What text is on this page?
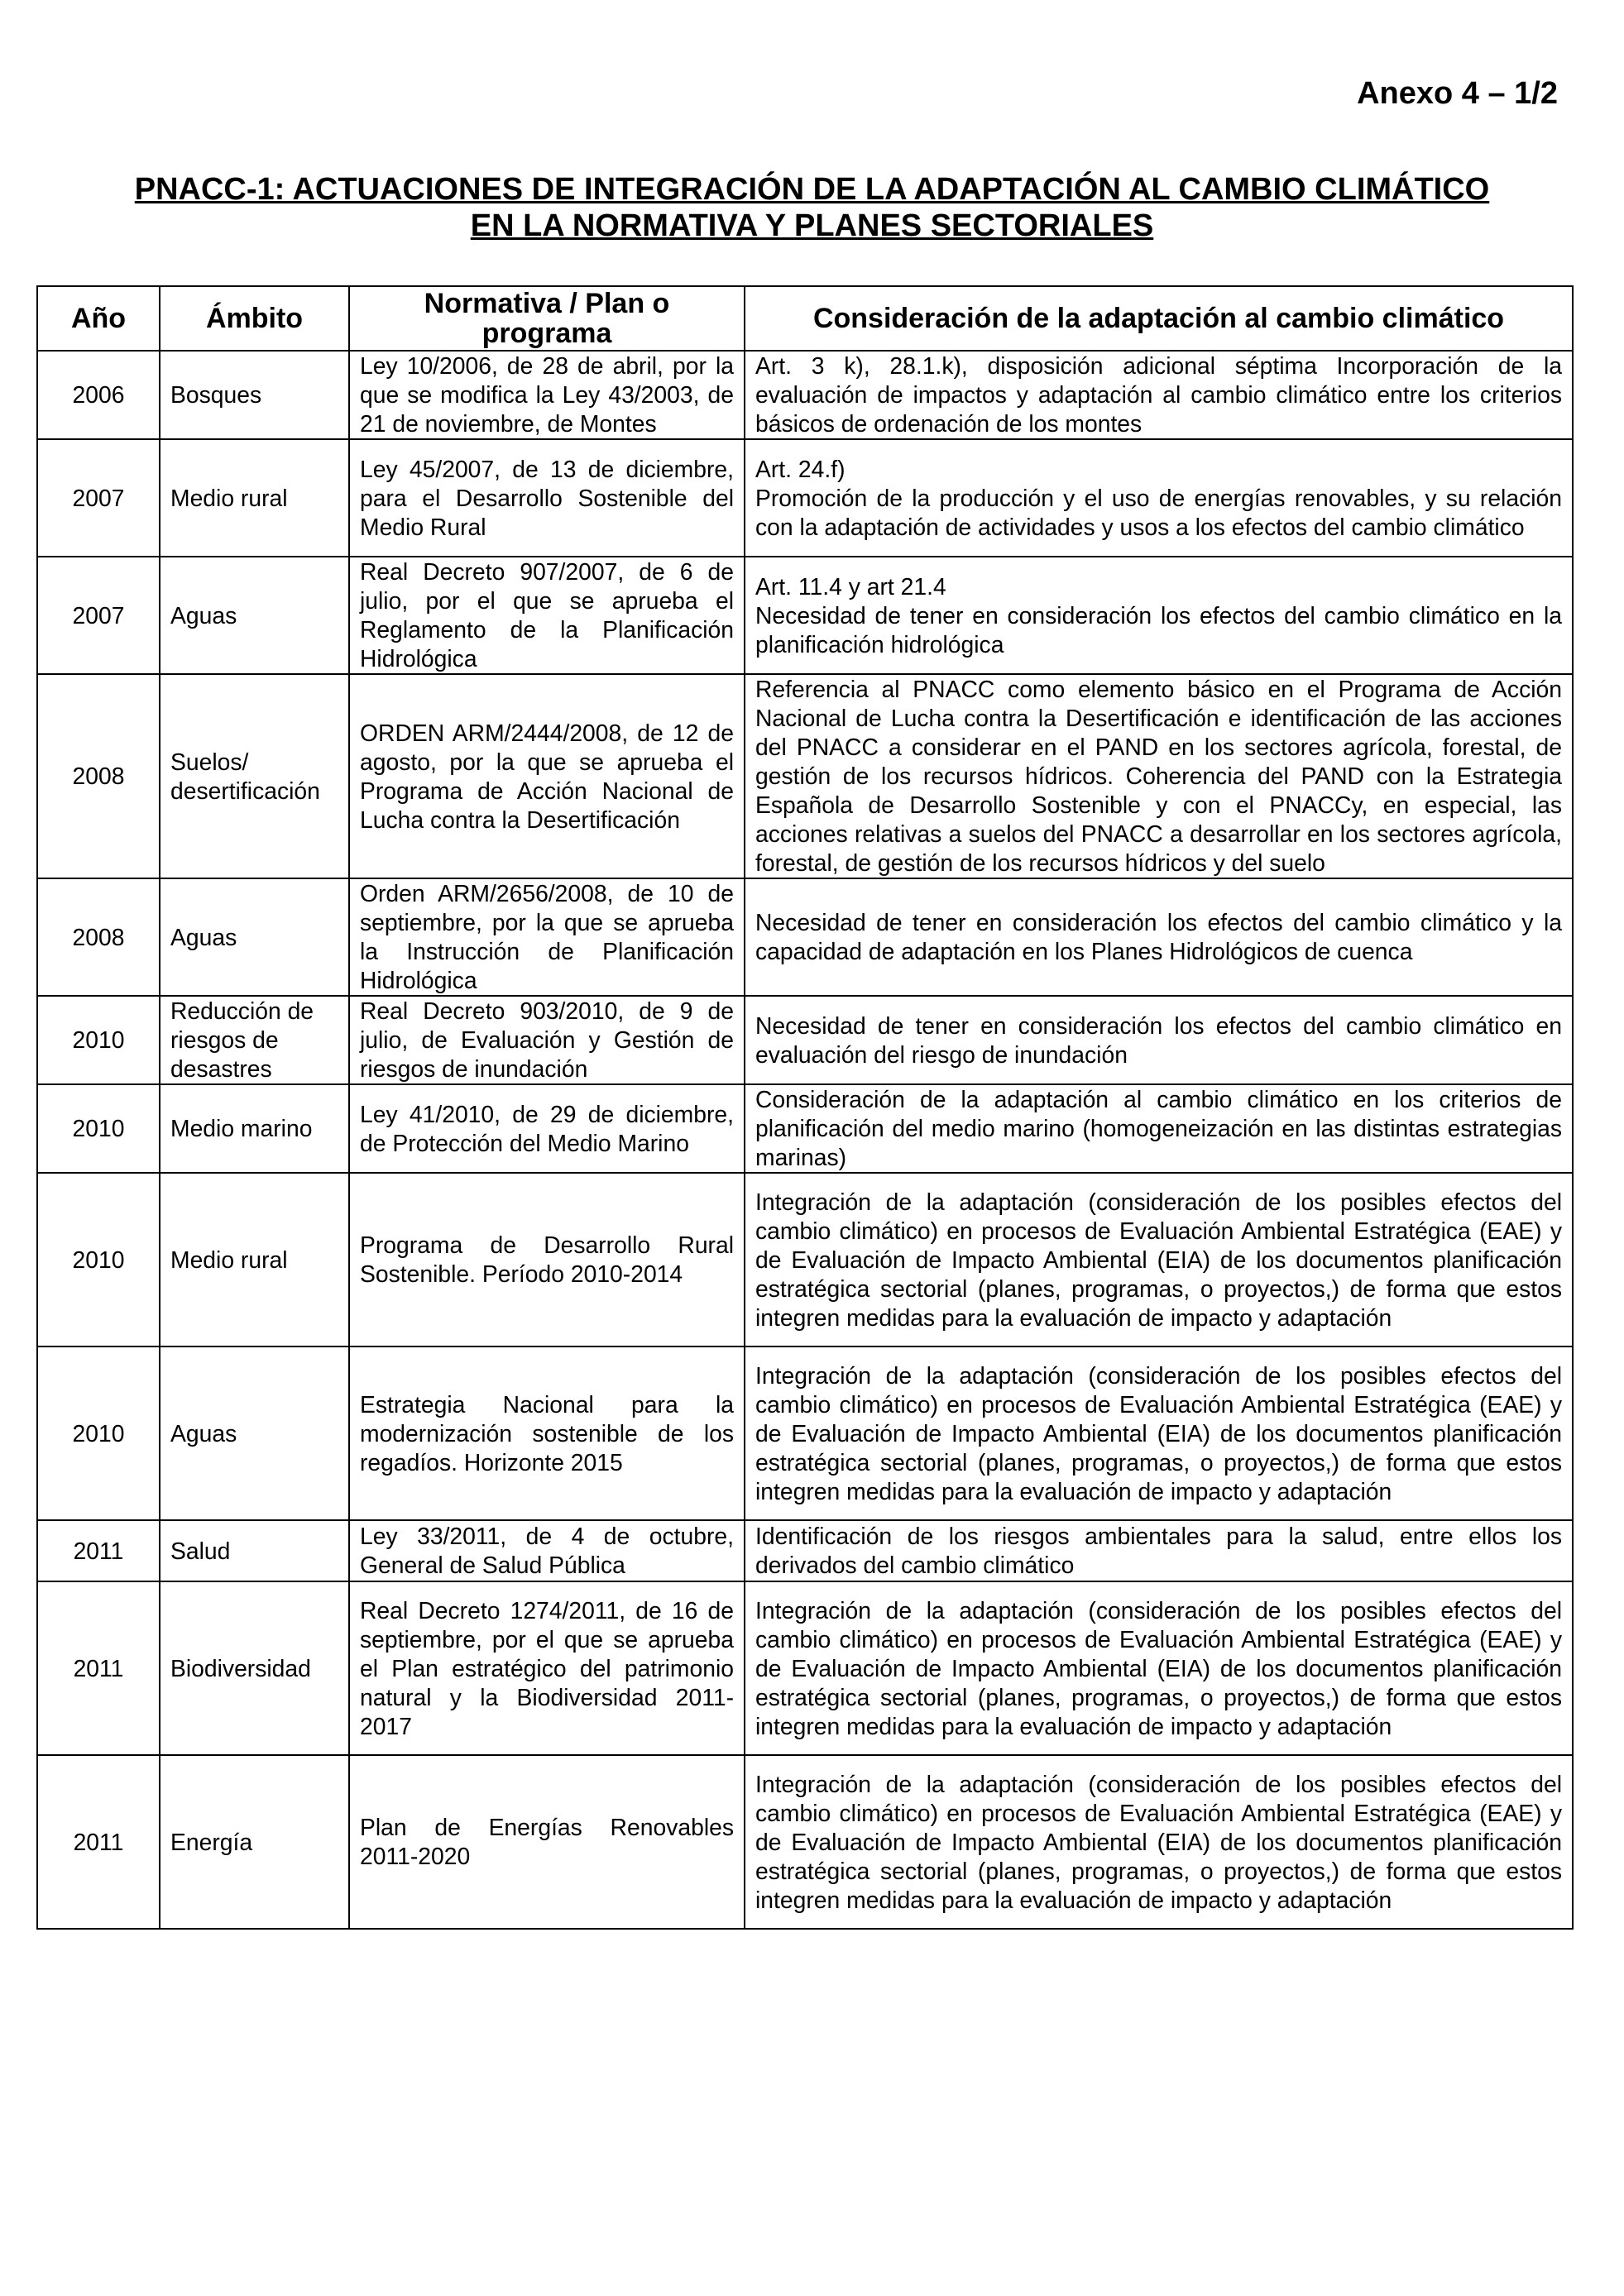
Anexo 4 – 1/2
PNACC-1: ACTUACIONES DE INTEGRACIÓN DE LA ADAPTACIÓN AL CAMBIO CLIMÁTICO
EN LA NORMATIVA Y PLANES SECTORIALES
Año	Ámbito	Normativa / Plan o programa	Consideración de la adaptación al cambio climático
2006	Bosques	Ley 10/2006, de 28 de abril, por la que se modifica la Ley 43/2003, de 21 de noviembre, de Montes	Art. 3 k), 28.1.k), disposición adicional séptima Incorporación de la evaluación de impactos y adaptación al cambio climático entre los criterios básicos de ordenación de los montes
2007	Medio rural	Ley 45/2007, de 13 de diciembre, para el Desarrollo Sostenible del Medio Rural	Art. 24.f)
Promoción de la producción y el uso de energías renovables, y su relación con la adaptación de actividades y usos a los efectos del cambio climático

2007	Aguas	Real Decreto 907/2007, de 6 de julio, por el que se aprueba el Reglamento de la Planificación Hidrológica	Art. 11.4 y art 21.4
Necesidad de tener en consideración los efectos del cambio climático en la planificación hidrológica

2008	Suelos/ desertificación	ORDEN ARM/2444/2008, de 12 de agosto, por la que se aprueba el Programa de Acción Nacional de Lucha contra la Desertificación	Referencia al PNACC como elemento básico en el Programa de Acción Nacional de Lucha contra la Desertificación e identificación de las acciones del PNACC a considerar en el PAND en los sectores agrícola, forestal, de gestión de los recursos hídricos. Coherencia del PAND con la Estrategia Española de Desarrollo Sostenible y con el PNACCy, en especial, las acciones relativas a suelos del PNACC a desarrollar en los sectores agrícola, forestal, de gestión de los recursos hídricos y del suelo
2008	Aguas	Orden ARM/2656/2008, de 10 de septiembre, por la que se aprueba la Instrucción de Planificación Hidrológica	Necesidad de tener en consideración los efectos del cambio climático y la capacidad de adaptación en los Planes Hidrológicos de cuenca
2010	Reducción de riesgos de desastres	Real Decreto 903/2010, de 9 de julio, de Evaluación y Gestión de riesgos de inundación	Necesidad de tener en consideración los efectos del cambio climático en evaluación del riesgo de inundación
2010	Medio marino	Ley 41/2010, de 29 de diciembre, de Protección del Medio Marino	Consideración de la adaptación al cambio climático en los criterios de planificación del medio marino (homogeneización en las distintas estrategias marinas)
2010	Medio rural	Programa de Desarrollo Rural Sostenible. Período 2010-2014	Integración de la adaptación (consideración de los posibles efectos del cambio climático) en procesos de Evaluación Ambiental Estratégica (EAE) y de Evaluación de Impacto Ambiental (EIA) de los documentos planificación estratégica sectorial (planes, programas, o proyectos,) de forma que estos integren medidas para la evaluación de impacto y adaptación
2010	Aguas	Estrategia Nacional para la modernización sostenible de los regadíos. Horizonte 2015	Integración de la adaptación (consideración de los posibles efectos del cambio climático) en procesos de Evaluación Ambiental Estratégica (EAE) y de Evaluación de Impacto Ambiental (EIA) de los documentos planificación estratégica sectorial (planes, programas, o proyectos,) de forma que estos integren medidas para la evaluación de impacto y adaptación
2011	Salud	Ley 33/2011, de 4 de octubre, General de Salud Pública	Identificación de los riesgos ambientales para la salud, entre ellos los derivados del cambio climático
2011	Biodiversidad	Real Decreto 1274/2011, de 16 de septiembre, por el que se aprueba el Plan estratégico del patrimonio natural y la Biodiversidad 2011-2017	Integración de la adaptación (consideración de los posibles efectos del cambio climático) en procesos de Evaluación Ambiental Estratégica (EAE) y de Evaluación de Impacto Ambiental (EIA) de los documentos planificación estratégica sectorial (planes, programas, o proyectos,) de forma que estos integren medidas para la evaluación de impacto y adaptación
2011	Energía	Plan de Energías Renovables 2011-2020	Integración de la adaptación (consideración de los posibles efectos del cambio climático) en procesos de Evaluación Ambiental Estratégica (EAE) y de Evaluación de Impacto Ambiental (EIA) de los documentos planificación estratégica sectorial (planes, programas, o proyectos,) de forma que estos integren medidas para la evaluación de impacto y adaptación
